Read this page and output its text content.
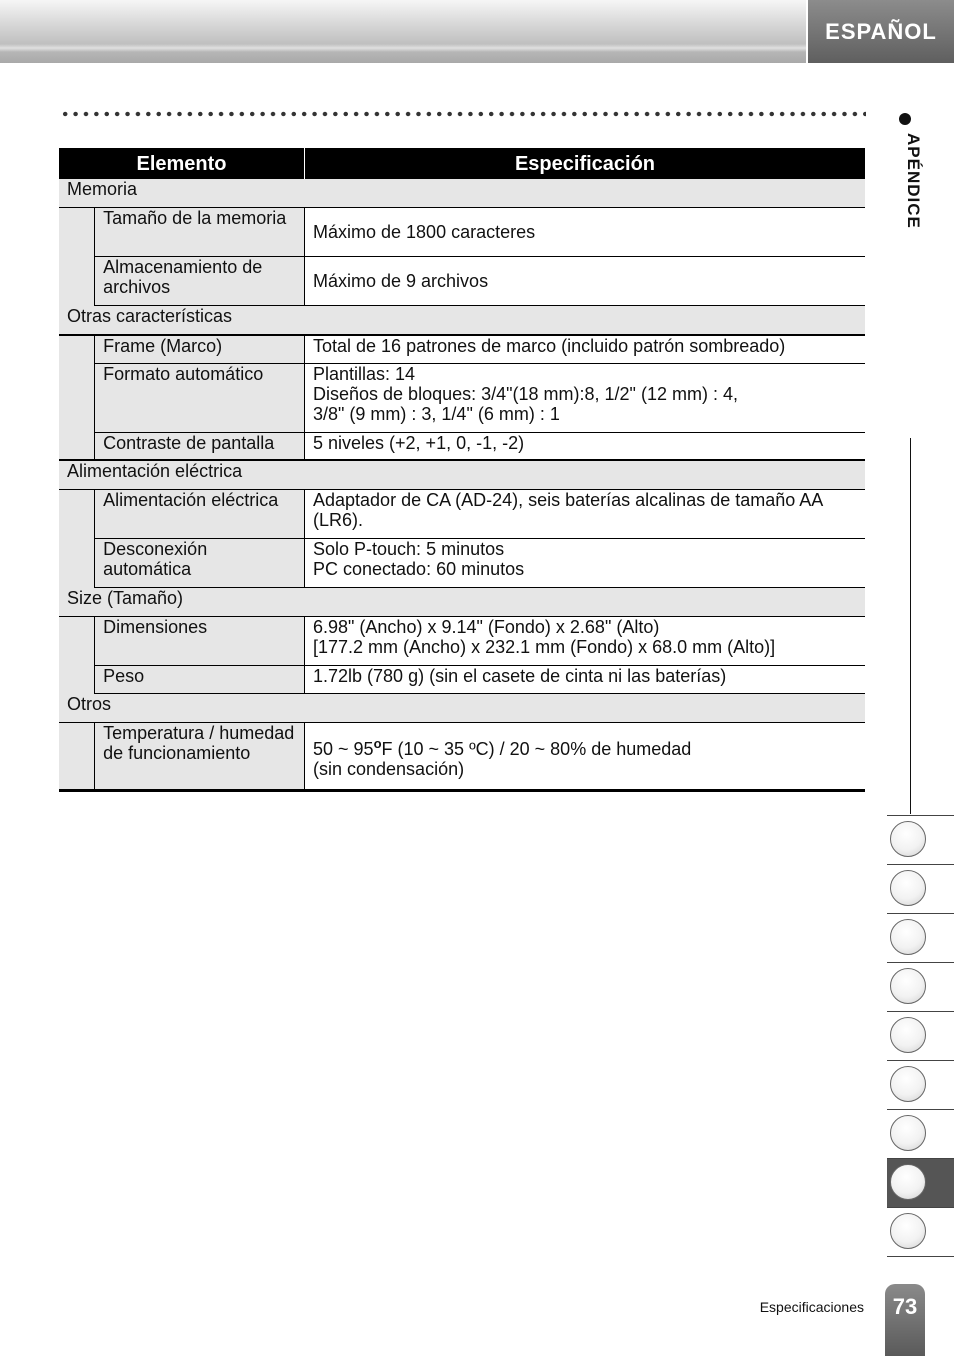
ESPAÑOL
Elemento		Especificación
Memoria		
	Tamaño de la memoria	Máximo de 1800 caracteres
	Almacenamiento de archivos	Máximo de 9 archivos
Otras características		
	Frame (Marco)	Total de 16 patrones de marco (incluido patrón sombreado)
	Formato automático	Plantillas: 14
Diseños de bloques: 3/4"(18 mm):8, 1/2" (12 mm) : 4,
3/8" (9 mm) : 3, 1/4" (6 mm) : 1

	Contraste de pantalla	5 niveles (+2, +1, 0, -1, -2)
Alimentación eléctrica		
	Alimentación eléctrica	Adaptador de CA (AD-24), seis baterías alcalinas de tamaño AA
(LR6).

	Desconexión automática	Solo P-touch: 5 minutos
PC conectado: 60 minutos

Size (Tamaño)		
	Dimensiones	6.98" (Ancho) x 9.14" (Fondo) x 2.68" (Alto)
[177.2 mm (Ancho) x 232.1 mm (Fondo) x 68.0 mm (Alto)]

	Peso	1.72lb (780 g) (sin el casete de cinta ni las baterías)
Otros		
	Temperatura / humedad de funcionamiento	50 ~ 95$^o$F (10 ~ 35 ºC) / 20 ~ 80% de humedad
(sin condensación)
APÉNDICE
Especificaciones	73
